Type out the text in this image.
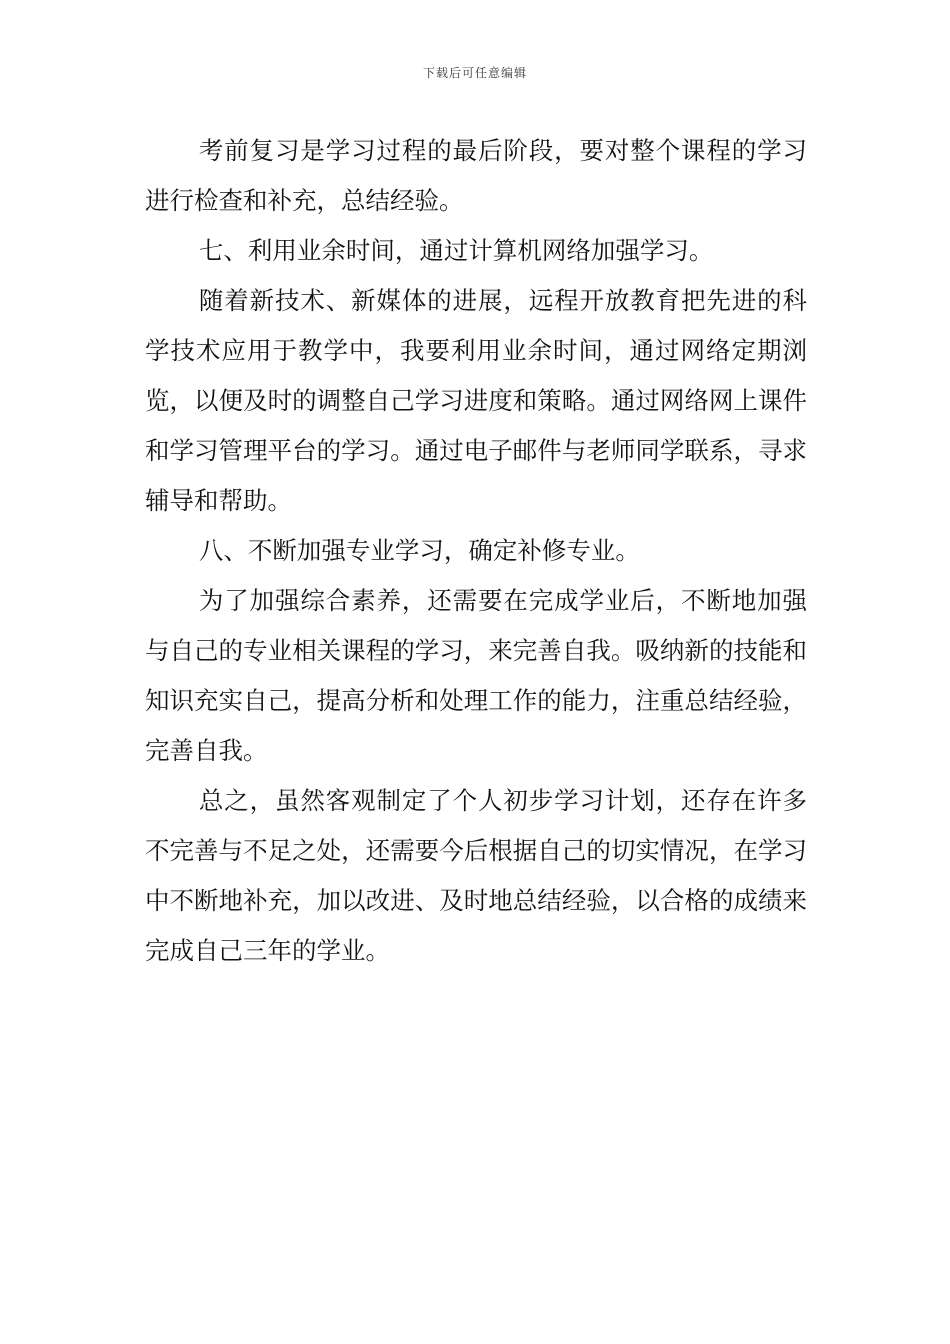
下载后可任意编辑

考前复习是学习过程的最后阶段，要对整个课程的学习进行检查和补充，总结经验。

七、利用业余时间，通过计算机网络加强学习。

随着新技术、新媒体的进展，远程开放教育把先进的科学技术应用于教学中，我要利用业余时间，通过网络定期浏览，以便及时的调整自己学习进度和策略。通过网络网上课件和学习管理平台的学习。通过电子邮件与老师同学联系，寻求辅导和帮助。

八、不断加强专业学习，确定补修专业。

为了加强综合素养，还需要在完成学业后，不断地加强与自己的专业相关课程的学习，来完善自我。吸纳新的技能和知识充实自己，提高分析和处理工作的能力，注重总结经验，完善自我。

总之，虽然客观制定了个人初步学习计划，还存在许多不完善与不足之处，还需要今后根据自己的切实情况，在学习中不断地补充，加以改进、及时地总结经验，以合格的成绩来完成自己三年的学业。
